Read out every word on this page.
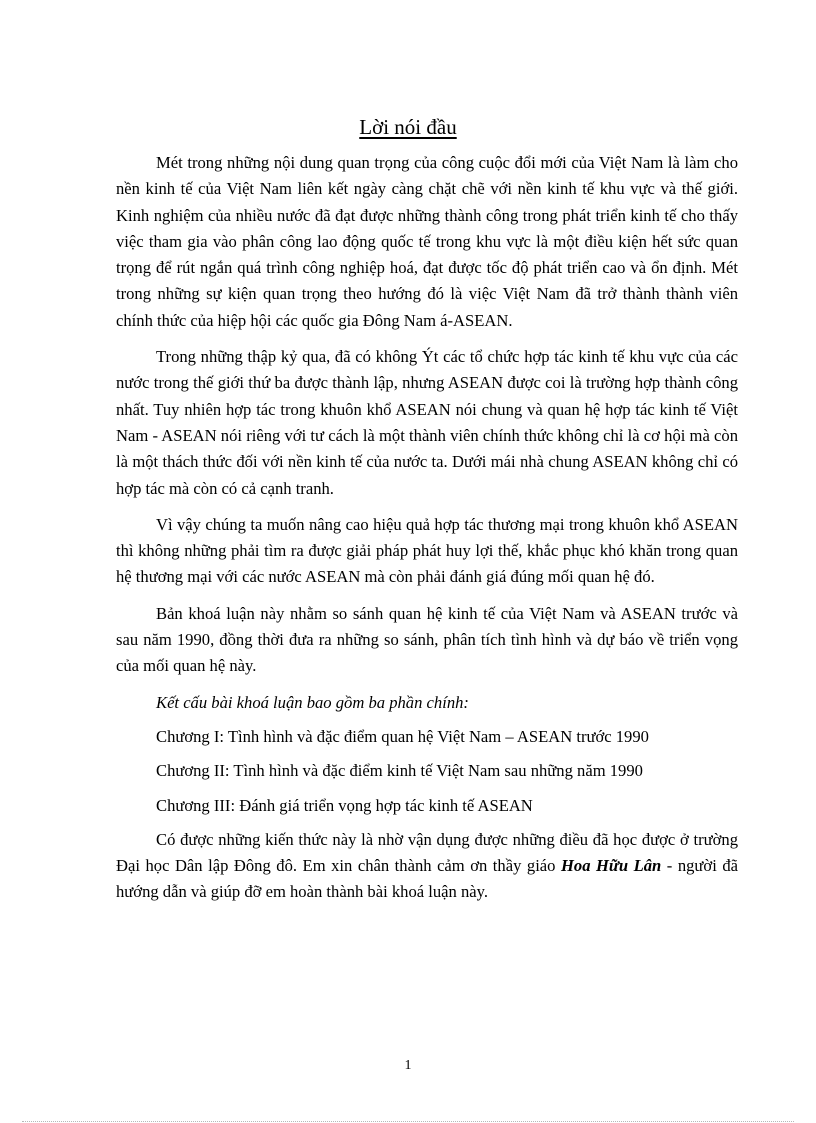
Lời nói đầu

Mét trong những nội dung quan trọng của công cuộc đổi mới của Việt Nam là làm cho nền kinh tế của Việt Nam liên kết ngày càng chặt chẽ với nền kinh tế khu vực và thế giới. Kinh nghiệm của nhiều nước đã đạt được những thành công trong phát triển kinh tế cho thấy việc tham gia vào phân công lao động quốc tế trong khu vực là một điều kiện hết sức quan trọng để rút ngắn quá trình công nghiệp hoá, đạt được tốc độ phát triển cao và ổn định. Mét trong những sự kiện quan trọng theo hướng đó là việc Việt Nam đã trở thành thành viên chính thức của hiệp hội các quốc gia Đông Nam á-ASEAN.

Trong những thập kỷ qua, đã có không Ýt các tổ chức hợp tác kinh tế khu vực của các nước trong thế giới thứ ba được thành lập, nhưng ASEAN được coi là trường hợp thành công nhất. Tuy nhiên hợp tác trong khuôn khổ ASEAN nói chung và quan hệ hợp tác kinh tế Việt Nam - ASEAN nói riêng với tư cách là một thành viên chính thức không chỉ là cơ hội mà còn là một thách thức đối với nền kinh tế của nước ta. Dưới mái nhà chung ASEAN không chỉ có hợp tác mà còn có cả cạnh tranh.

Vì vậy chúng ta muốn nâng cao hiệu quả hợp tác thương mại trong khuôn khổ ASEAN thì không những phải tìm ra được giải pháp phát huy lợi thế, khắc phục khó khăn trong quan hệ thương mại với các nước ASEAN mà còn phải đánh giá đúng mối quan hệ đó.

Bản khoá luận này nhằm so sánh quan hệ kinh tế của Việt Nam và ASEAN trước và sau năm 1990, đồng thời đưa ra những so sánh, phân tích tình hình và dự báo về triển vọng của mối quan hệ này.

Kết cấu bài khoá luận bao gồm ba phần chính:

Chương I: Tình hình và đặc điểm quan hệ Việt Nam – ASEAN trước 1990

Chương II: Tình hình và đặc điểm kinh tế Việt Nam sau những năm 1990

Chương III: Đánh giá triển vọng hợp tác kinh tế ASEAN

Có được những kiến thức này là nhờ vận dụng được những điều đã học được ở trường Đại học Dân lập Đông đô. Em xin chân thành cảm ơn thầy giáo Hoa Hữu Lân - người đã hướng dẫn và giúp đỡ em hoàn thành bài khoá luận này.

1
